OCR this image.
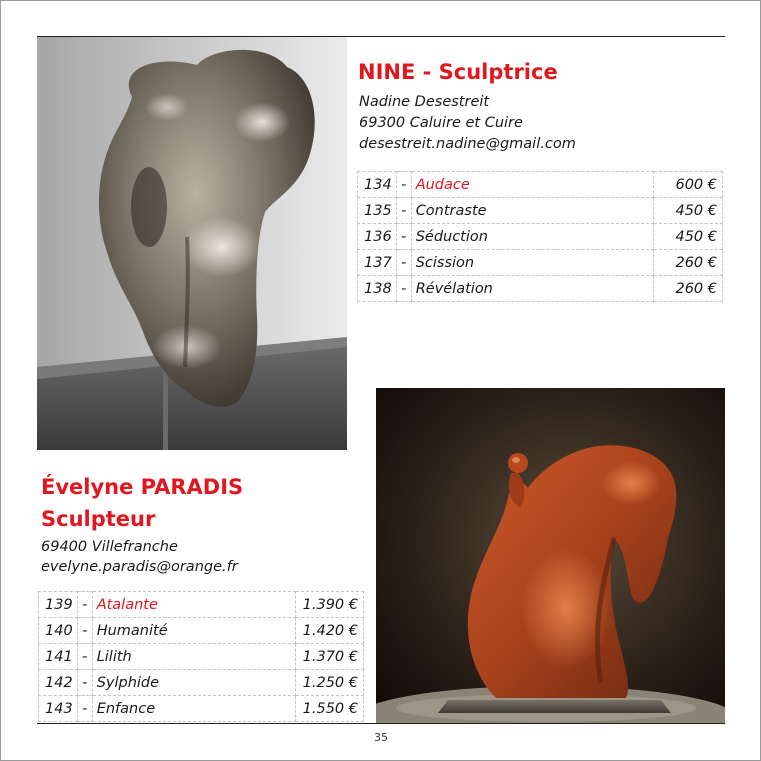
NINE - Sculptrice
Nadine Desestreit
69300 Caluire et Cuire
desestreit.nadine@gmail.com
134	-	Audace	600 €
135	-	Contraste	450 €
136	-	Séduction	450 €
137	-	Scission	260 €
138	-	Révélation	260 €
Évelyne PARADIS
Sculpteur
69400 Villefranche
evelyne.paradis@orange.fr
139	-	Atalante	1.390 €
140	-	Humanité	1.420 €
141	-	Lilith	1.370 €
142	-	Sylphide	1.250 €
143	-	Enfance	1.550 €
35
